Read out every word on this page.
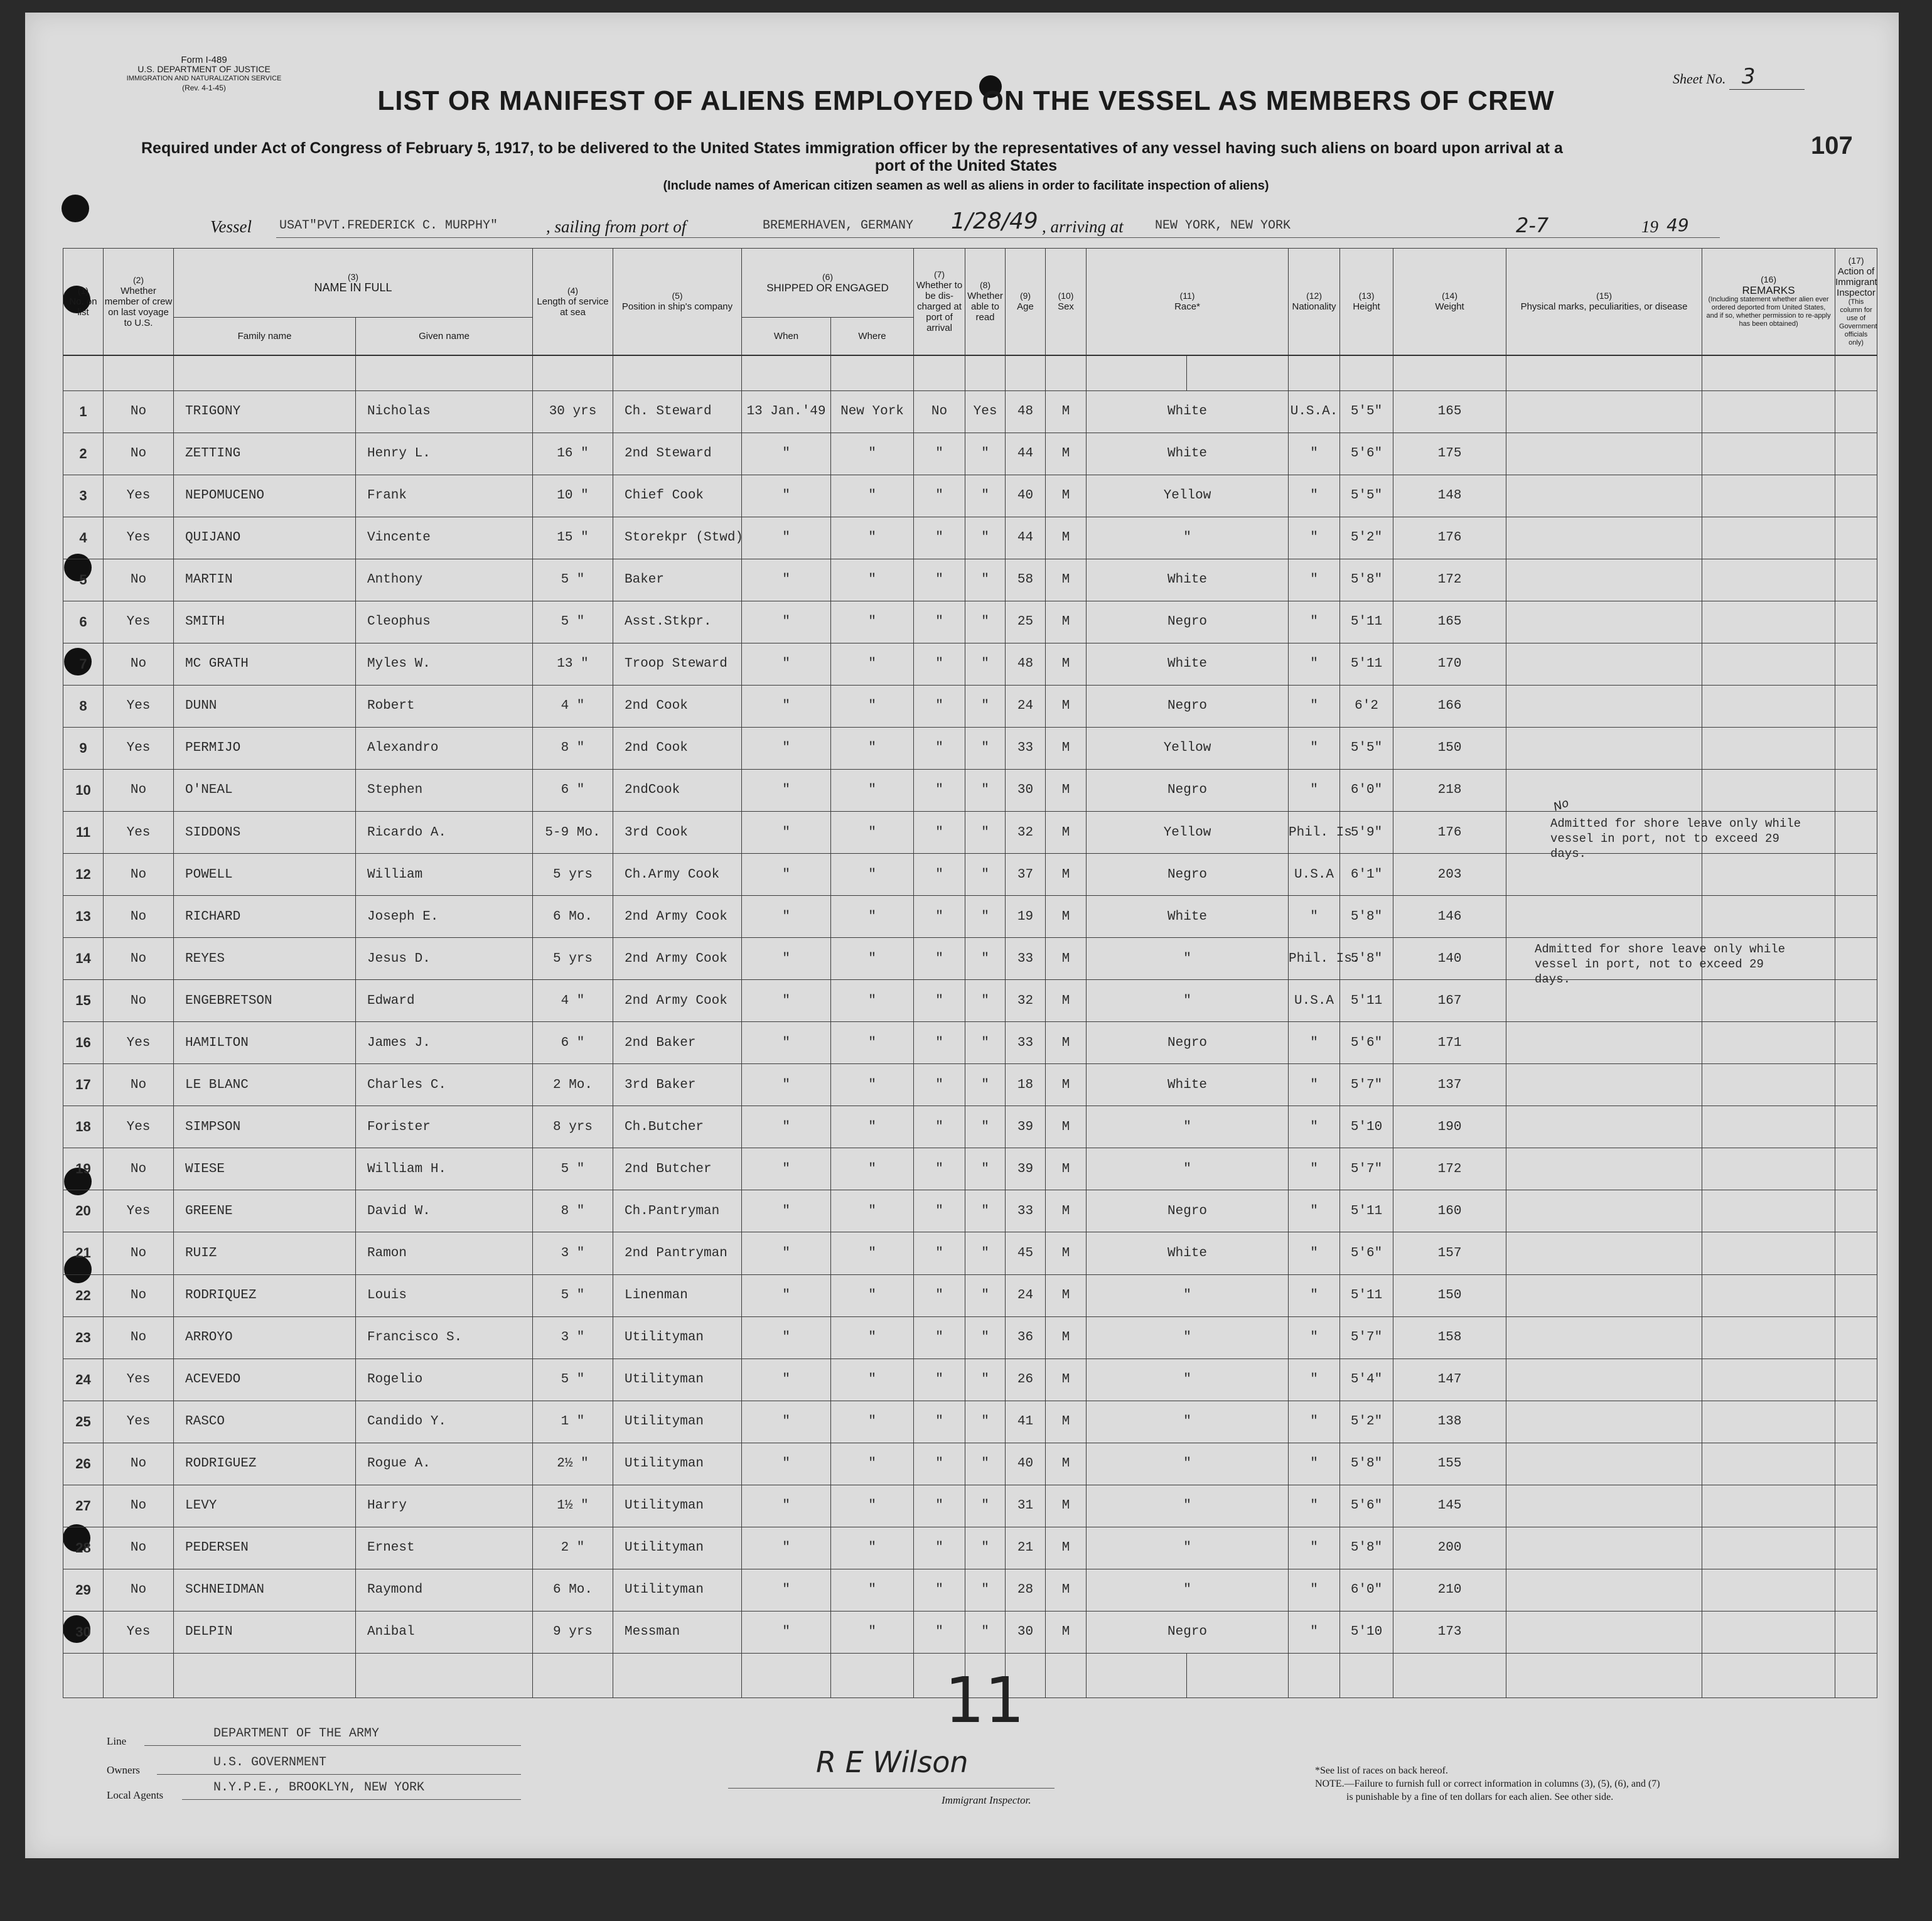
Form I-489
U.S. DEPARTMENT OF JUSTICE
IMMIGRATION AND NATURALIZATION SERVICE
(Rev. 4-1-45)
Sheet No. 3
107
LIST OR MANIFEST OF ALIENS EMPLOYED ON THE VESSEL AS MEMBERS OF CREW
Required under Act of Congress of February 5, 1917, to be delivered to the United States immigration officer by the representatives of any vessel having such aliens on board upon arrival at a
port of the United States
(Include names of American citizen seamen as well as aliens in order to facilitate inspection of aliens)
Vessel USAT"PVT.FREDERICK C. MURPHY"	, sailing from port of	BREMERHAVEN, GERMANY 1/28/49 , arriving at	NEW YORK, NEW YORK	2-7	19 49
(1)
No. on list	(2)
Whether member of crew on last voyage to U.S.	(3)
NAME IN FULL		(4)
Length of service at sea	(5)
Position in ship's company	(6)
SHIPPED OR ENGAGED		(7)
Whether to be dis-charged at port of arrival	(8)
Whether able to read	(9)
Age	(10)
Sex	(11)
Race*		(12)
Nationality	(13)
Height	(14)
Weight	(15)
Physical marks, peculiarities, or disease	(16)
REMARKS
(Including statement whether alien ever ordered deported from United States, and if so, whether permission to re-apply has been obtained)	(17)
Action of Immigrant Inspector
(This column for use of Government officials only)	

		Family name	Given name			When	Where													

1	No	TRIGONY	Nicholas	30 yrs	Ch. Steward	13 Jan.'49	New York	No	Yes	48	M	White		U.S.A.	5'5"	165				
2	No	ZETTING	Henry L.	16 "	2nd Steward	"	"	"	"	44	M	White		"	5'6"	175				
3	Yes	NEPOMUCENO	Frank	10 "	Chief Cook	"	"	"	"	40	M	Yellow		"	5'5"	148				
4	Yes	QUIJANO	Vincente	15 "	Storekpr (Stwd)	"	"	"	"	44	M	"		"	5'2"	176				
5	No	MARTIN	Anthony	5 "	Baker	"	"	"	"	58	M	White		"	5'8"	172				
6	Yes	SMITH	Cleophus	5 "	Asst.Stkpr.	"	"	"	"	25	M	Negro		"	5'11	165				
7	No	MC GRATH	Myles W.	13 "	Troop Steward	"	"	"	"	48	M	White		"	5'11	170				
8	Yes	DUNN	Robert	4 "	2nd Cook	"	"	"	"	24	M	Negro		"	6'2	166				
9	Yes	PERMIJO	Alexandro	8 "	2nd Cook	"	"	"	"	33	M	Yellow		"	5'5"	150				
10	No	O'NEAL	Stephen	6 "	2ndCook	"	"	"	"	30	M	Negro		"	6'0"	218				
11	Yes	SIDDONS	Ricardo A.	5-9 Mo.	3rd Cook	"	"	"	"	32	M	Yellow		Phil. Is	5'9"	176				
12	No	POWELL	William	5 yrs	Ch.Army Cook	"	"	"	"	37	M	Negro		U.S.A	6'1"	203				
13	No	RICHARD	Joseph E.	6 Mo.	2nd Army Cook	"	"	"	"	19	M	White		"	5'8"	146				
14	No	REYES	Jesus D.	5 yrs	2nd Army Cook	"	"	"	"	33	M	"		Phil. Is.	5'8"	140				
15	No	ENGEBRETSON	Edward	4 "	2nd Army Cook	"	"	"	"	32	M	"		U.S.A	5'11	167				
16	Yes	HAMILTON	James J.	6 "	2nd Baker	"	"	"	"	33	M	Negro		"	5'6"	171				
17	No	LE BLANC	Charles C.	2 Mo.	3rd Baker	"	"	"	"	18	M	White		"	5'7"	137				
18	Yes	SIMPSON	Forister	8 yrs	Ch.Butcher	"	"	"	"	39	M	"		"	5'10	190				
19	No	WIESE	William H.	5 "	2nd Butcher	"	"	"	"	39	M	"		"	5'7"	172				
20	Yes	GREENE	David W.	8 "	Ch.Pantryman	"	"	"	"	33	M	Negro		"	5'11	160				
21	No	RUIZ	Ramon	3 "	2nd Pantryman	"	"	"	"	45	M	White		"	5'6"	157				
22	No	RODRIQUEZ	Louis	5 "	Linenman	"	"	"	"	24	M	"		"	5'11	150				
23	No	ARROYO	Francisco S.	3 "	Utilityman	"	"	"	"	36	M	"		"	5'7"	158				
24	Yes	ACEVEDO	Rogelio	5 "	Utilityman	"	"	"	"	26	M	"		"	5'4"	147				
25	Yes	RASCO	Candido Y.	1 "	Utilityman	"	"	"	"	41	M	"		"	5'2"	138				
26	No	RODRIGUEZ	Rogue A.	2½ "	Utilityman	"	"	"	"	40	M	"		"	5'8"	155				
27	No	LEVY	Harry	1½ "	Utilityman	"	"	"	"	31	M	"		"	5'6"	145				
28	No	PEDERSEN	Ernest	2 "	Utilityman	"	"	"	"	21	M	"		"	5'8"	200				
29	No	SCHNEIDMAN	Raymond	6 Mo.	Utilityman	"	"	"	"	28	M	"		"	6'0"	210				
30	Yes	DELPIN	Anibal	9 yrs	Messman	"	"	"	"	30	M	Negro		"	5'10	173				

Admitted for shore leave only while vessel in port, not to exceed 29 days.
Admitted for shore leave only while vessel in port, not to exceed 29 days.
No
Line
DEPARTMENT OF THE ARMY
Owners
U.S. GOVERNMENT
Local Agents
N.Y.P.E., BROOKLYN, NEW YORK
11
R E Wilson
Immigrant Inspector.
*See list of races on back hereof.
NOTE.—Failure to furnish full or correct information in columns (3), (5), (6), and (7)
is punishable by a fine of ten dollars for each alien. See other side.
